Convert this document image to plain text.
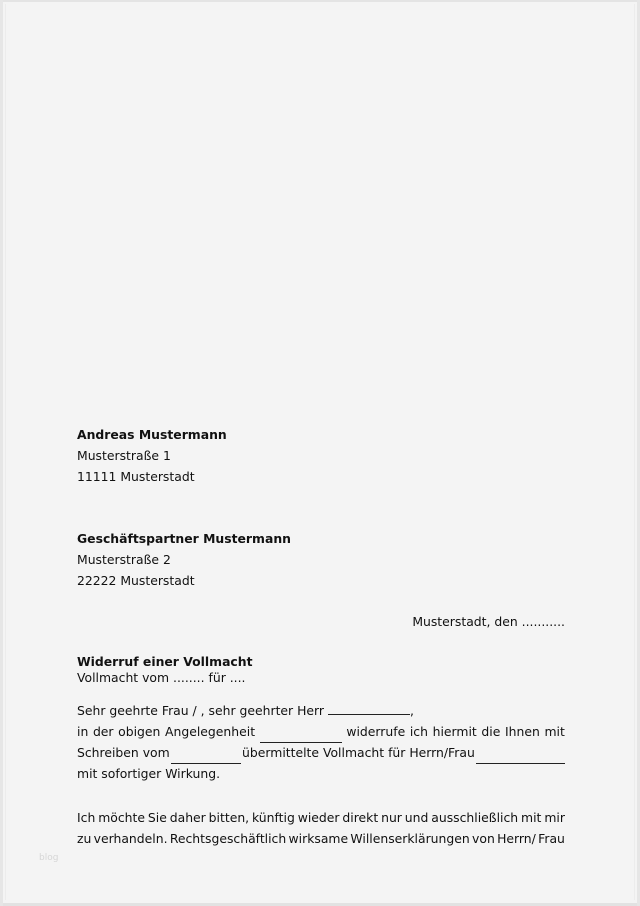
Andreas Mustermann
Musterstraße 1
11111 Musterstadt
Geschäftspartner Mustermann
Musterstraße 2
22222 Musterstadt
Musterstadt, den ...........
Widerruf einer Vollmacht
Vollmacht vom ........ für ....
Sehr geehrte Frau / , sehr geehrter Herr	,
in der obigen Angelegenheit	widerrufe ich hiermit die Ihnen mit
Schreiben vom	übermittelte Vollmacht für Herrn/Frau
mit sofortiger Wirkung.
Ich möchte Sie daher bitten, künftig wieder direkt nur und ausschließlich mit mir
zu verhandeln. Rechtsgeschäftlich wirksame Willenserklärungen von Herrn/ Frau
blog
